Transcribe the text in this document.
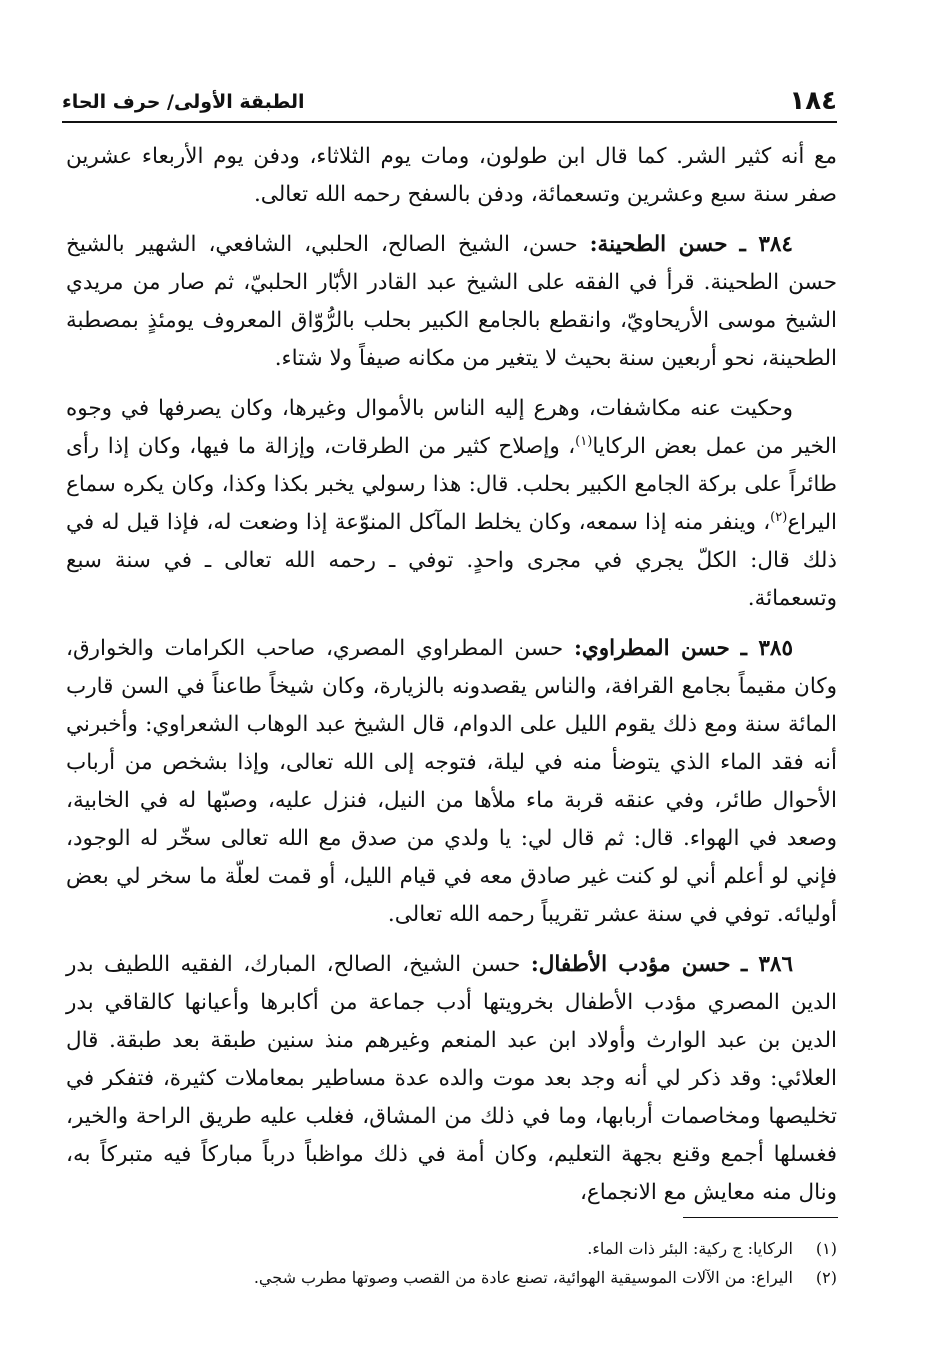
١٨٤
الطبقة الأولى/ حرف الحاء

مع أنه كثير الشر. كما قال ابن طولون، ومات يوم الثلاثاء، ودفن يوم الأربعاء عشرين صفر سنة سبع وعشرين وتسعمائة، ودفن بالسفح رحمه الله تعالى.

٣٨٤ ـ حسن الطحينة: حسن، الشيخ الصالح، الحلبي، الشافعي، الشهير بالشيخ حسن الطحينة. قرأ في الفقه على الشيخ عبد القادر الأبّار الحلبيّ، ثم صار من مريدي الشيخ موسى الأريحاويّ، وانقطع بالجامع الكبير بحلب بالرُّوّاق المعروف يومئذٍ بمصطبة الطحينة، نحو أربعين سنة بحيث لا يتغير من مكانه صيفاً ولا شتاء.

وحكيت عنه مكاشفات، وهرع إليه الناس بالأموال وغيرها، وكان يصرفها في وجوه الخير من عمل بعض الركايا$^{(١)}$، وإصلاح كثير من الطرقات، وإزالة ما فيها، وكان إذا رأى طائراً على بركة الجامع الكبير بحلب. قال: هذا رسولي يخبر بكذا وكذا، وكان يكره سماع اليراع$^{(٢)}$، وينفر منه إذا سمعه، وكان يخلط المآكل المنوّعة إذا وضعت له، فإذا قيل له في ذلك قال: الكلّ يجري في مجرى واحدٍ. توفي ـ رحمه الله تعالى ـ في سنة سبع وتسعمائة.

٣٨٥ ـ حسن المطراوي: حسن المطراوي المصري، صاحب الكرامات والخوارق، وكان مقيماً بجامع القرافة، والناس يقصدونه بالزيارة، وكان شيخاً طاعناً في السن قارب المائة سنة ومع ذلك يقوم الليل على الدوام، قال الشيخ عبد الوهاب الشعراوي: وأخبرني أنه فقد الماء الذي يتوضأ منه في ليلة، فتوجه إلى الله تعالى، وإذا بشخص من أرباب الأحوال طائر، وفي عنقه قربة ماء ملأها من النيل، فنزل عليه، وصبّها له في الخابية، وصعد في الهواء. قال: ثم قال لي: يا ولدي من صدق مع الله تعالى سخّر له الوجود، فإني لو أعلم أني لو كنت غير صادق معه في قيام الليل، أو قمت لعلّة ما سخر لي بعض أوليائه. توفي في سنة عشر تقريباً رحمه الله تعالى.

٣٨٦ ـ حسن مؤدب الأطفال: حسن الشيخ، الصالح، المبارك، الفقيه اللطيف بدر الدين المصري مؤدب الأطفال بخرويتها أدب جماعة من أكابرها وأعيانها كالقاقي بدر الدين بن عبد الوارث وأولاد ابن عبد المنعم وغيرهم منذ سنين طبقة بعد طبقة. قال العلائي: وقد ذكر لي أنه وجد بعد موت والده عدة مساطير بمعاملات كثيرة، فتفكر في تخليصها ومخاصمات أربابها، وما في ذلك من المشاق، فغلب عليه طريق الراحة والخير، فغسلها أجمع وقنع بجهة التعليم، وكان أمة في ذلك مواظباً درباً مباركاً فيه متبركاً به، ونال منه معايش مع الانجماع،

(١)الركايا: ج ركية: البئر ذات الماء.

(٢)اليراع: من الآلات الموسيقية الهوائية، تصنع عادة من القصب وصوتها مطرب شجي.
